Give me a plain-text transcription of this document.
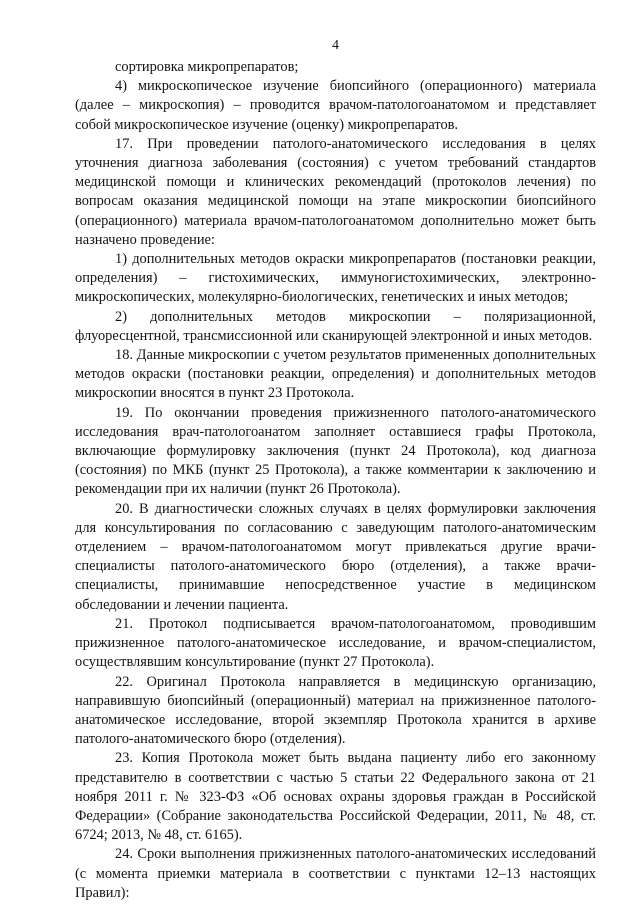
4

сортировка микропрепаратов;

4) микроскопическое изучение биопсийного (операционного) материала (далее – микроскопия) – проводится врачом-патологоанатомом и представляет собой микроскопическое изучение (оценку) микропрепаратов.

17. При проведении патолого-анатомического исследования в целях уточнения диагноза заболевания (состояния) с учетом требований стандартов медицинской помощи и клинических рекомендаций (протоколов лечения) по вопросам оказания медицинской помощи на этапе микроскопии биопсийного (операционного) материала врачом-патологоанатомом дополнительно может быть назначено проведение:

1) дополнительных методов окраски микропрепаратов (постановки реакции, определения) – гистохимических, иммуногистохимических, электронно-микроскопических, молекулярно-биологических, генетических и иных методов;

2) дополнительных методов микроскопии – поляризационной, флуоресцентной, трансмиссионной или сканирующей электронной и иных методов.

18. Данные микроскопии с учетом результатов примененных дополнительных методов окраски (постановки реакции, определения) и дополнительных методов микроскопии вносятся в пункт 23 Протокола.

19. По окончании проведения прижизненного патолого-анатомического исследования врач-патологоанатом заполняет оставшиеся графы Протокола, включающие формулировку заключения (пункт 24 Протокола), код диагноза (состояния) по МКБ (пункт 25 Протокола), а также комментарии к заключению и рекомендации при их наличии (пункт 26 Протокола).

20. В диагностически сложных случаях в целях формулировки заключения для консультирования по согласованию с заведующим патолого-анатомическим отделением – врачом-патологоанатомом могут привлекаться другие врачи-специалисты патолого-анатомического бюро (отделения), а также врачи-специалисты, принимавшие непосредственное участие в медицинском обследовании и лечении пациента.

21. Протокол подписывается врачом-патологоанатомом, проводившим прижизненное патолого-анатомическое исследование, и врачом-специалистом, осуществлявшим консультирование (пункт 27 Протокола).

22. Оригинал Протокола направляется в медицинскую организацию, направившую биопсийный (операционный) материал на прижизненное патолого-анатомическое исследование, второй экземпляр Протокола хранится в архиве патолого-анатомического бюро (отделения).

23. Копия Протокола может быть выдана пациенту либо его законному представителю в соответствии с частью 5 статьи 22 Федерального закона от 21 ноября 2011 г. № 323-ФЗ «Об основах охраны здоровья граждан в Российской Федерации» (Собрание законодательства Российской Федерации, 2011, № 48, ст. 6724; 2013, № 48, ст. 6165).

24. Сроки выполнения прижизненных патолого-анатомических исследований (с момента приемки материала в соответствии с пунктами 12–13 настоящих Правил):
